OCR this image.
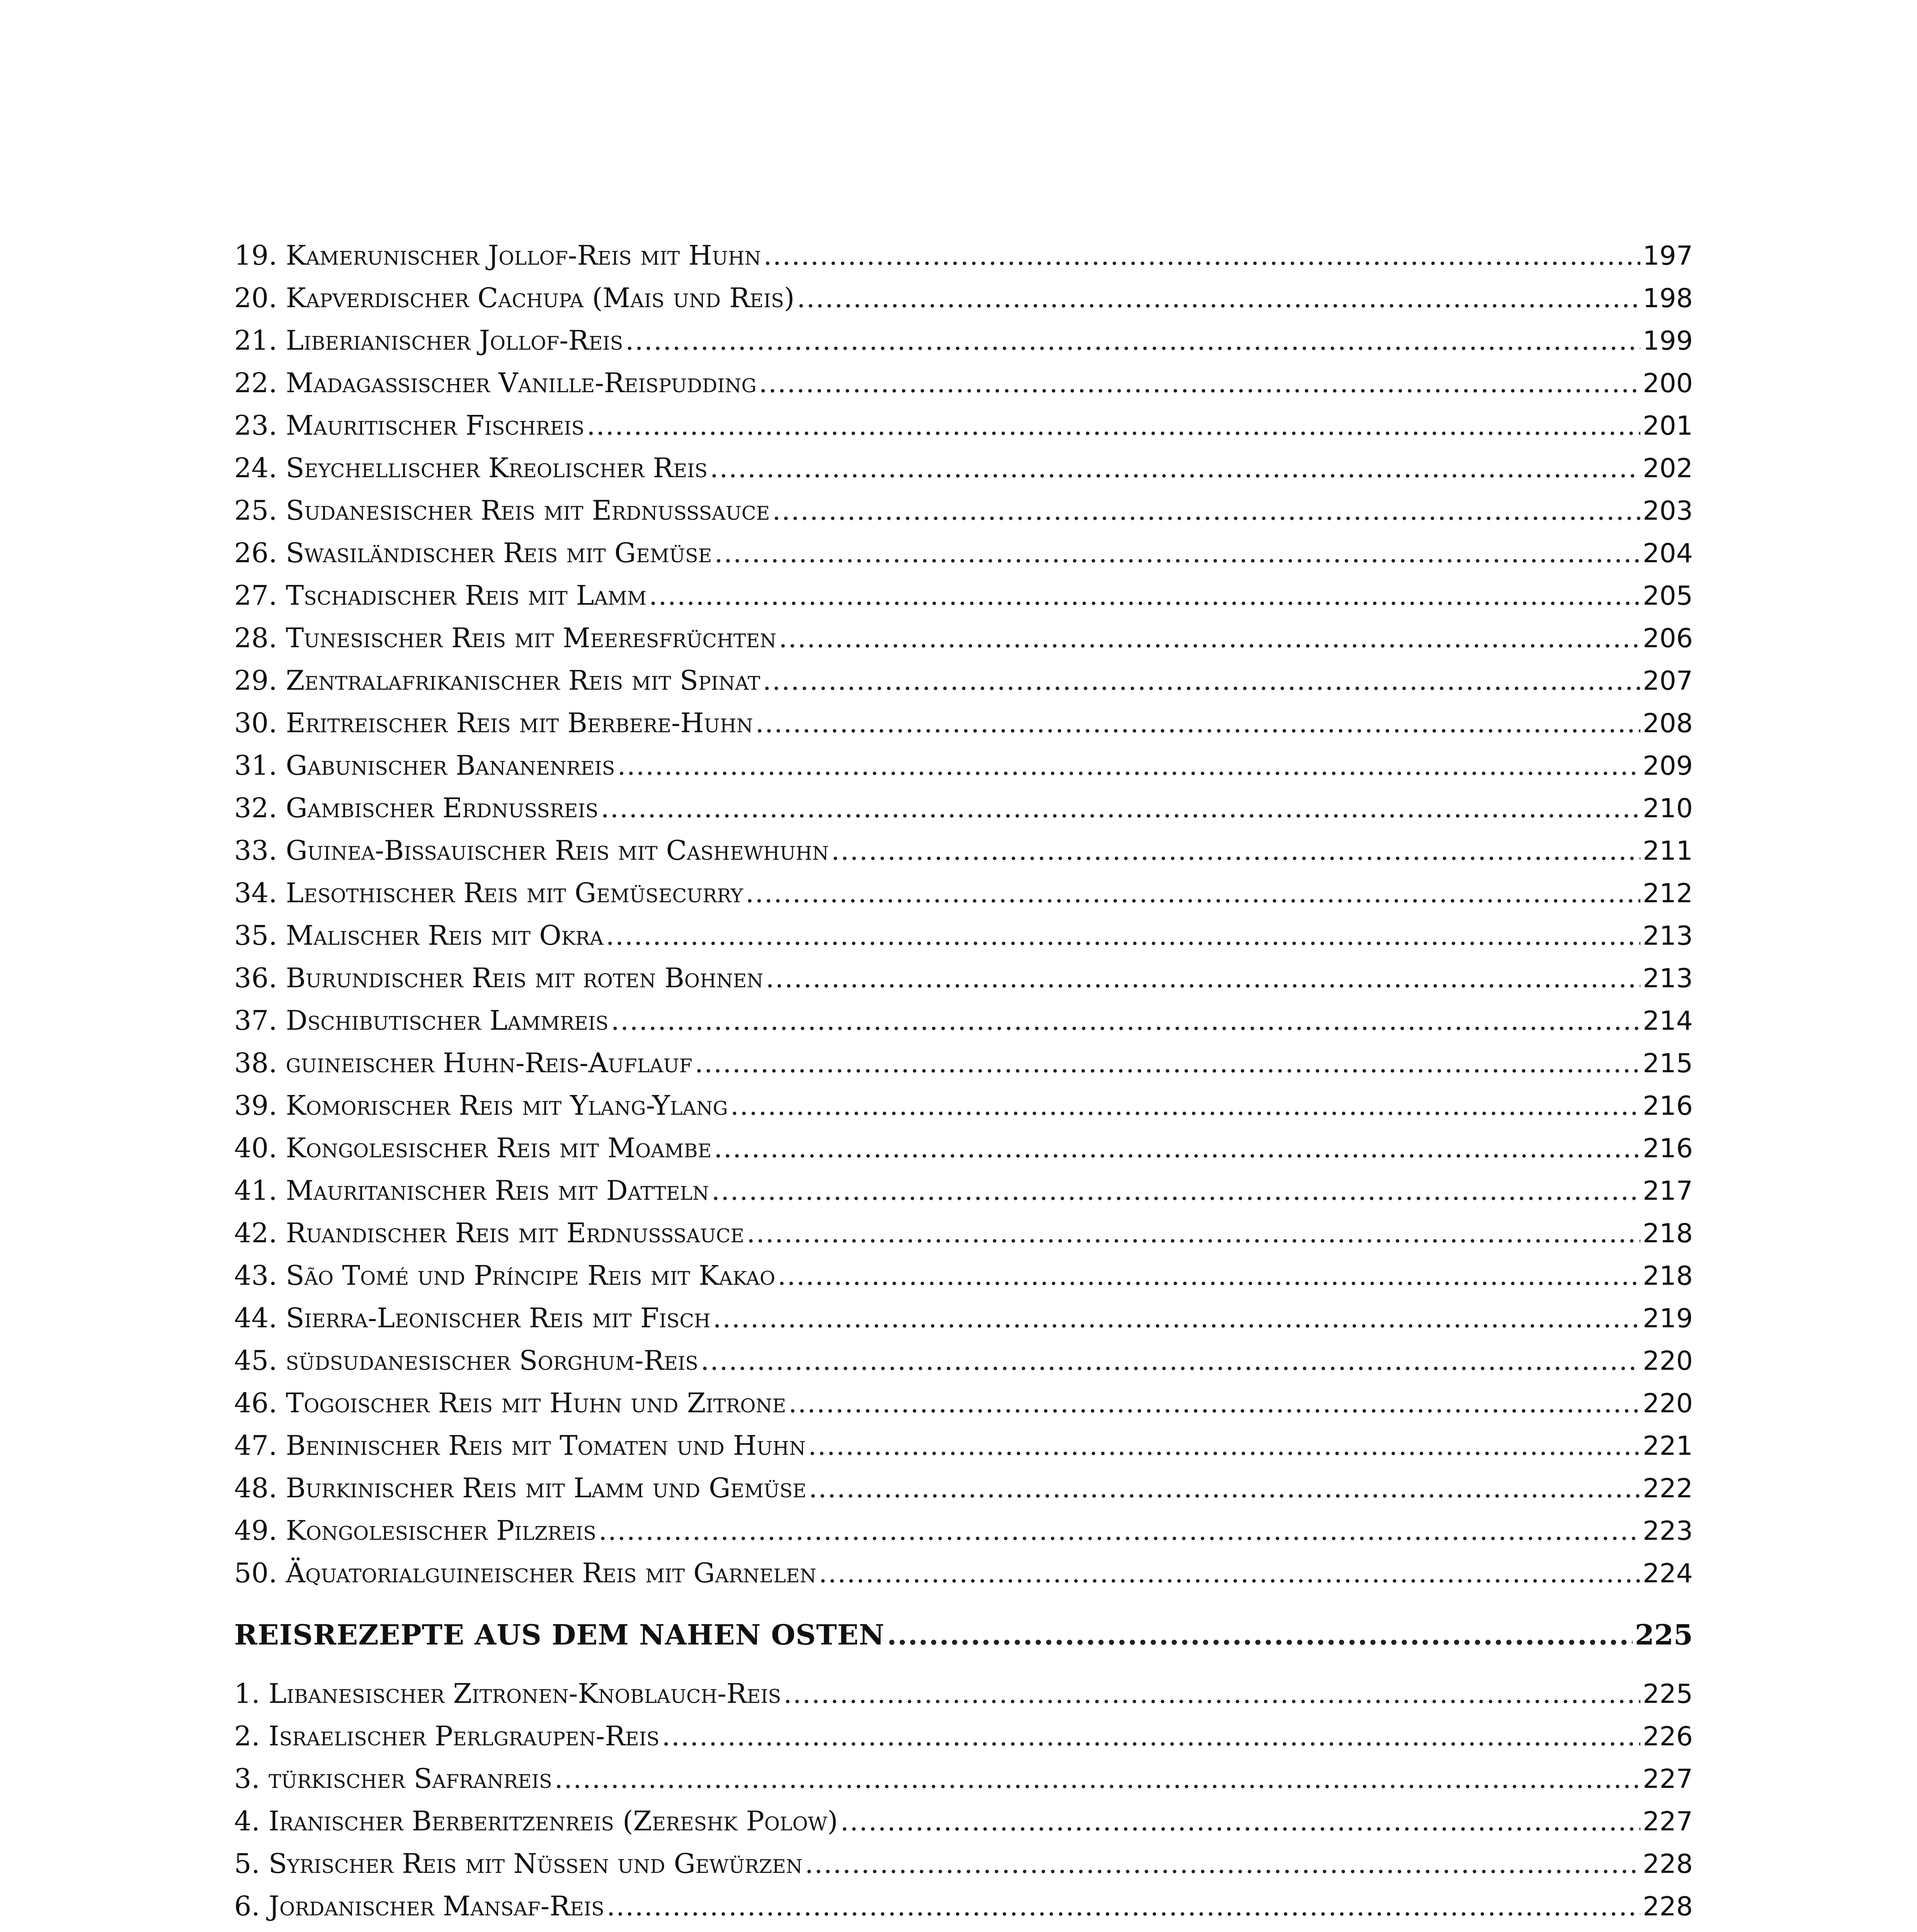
19. Kamerunischer Jollof-Reis mit Huhn .....	197
20. Kapverdischer Cachupa (Mais und Reis) .....	198
21. Liberianischer Jollof-Reis .....	199
22. Madagassischer Vanille-Reispudding .....	200
23. Mauritischer Fischreis .....	201
24. Seychellischer Kreolischer Reis .....	202
25. Sudanesischer Reis mit Erdnusssauce .....	203
26. Swasiländischer Reis mit Gemüse .....	204
27. Tschadischer Reis mit Lamm .....	205
28. Tunesischer Reis mit Meeresfrüchten .....	206
29. Zentralafrikanischer Reis mit Spinat .....	207
30. Eritreischer Reis mit Berbere-Huhn .....	208
31. Gabunischer Bananenreis .....	209
32. Gambischer Erdnussreis .....	210
33. Guinea-Bissauischer Reis mit Cashewhuhn .....	211
34. Lesothischer Reis mit Gemüsecurry .....	212
35. Malischer Reis mit Okra .....	213
36. Burundischer Reis mit roten Bohnen .....	213
37. Dschibutischer Lammreis .....	214
38. guineischer Huhn-Reis-Auflauf .....	215
39. Komorischer Reis mit Ylang-Ylang .....	216
40. Kongolesischer Reis mit Moambe .....	216
41. Mauritanischer Reis mit Datteln .....	217
42. Ruandischer Reis mit Erdnusssauce .....	218
43. São Tomé und Príncipe Reis mit Kakao .....	218
44. Sierra-Leonischer Reis mit Fisch .....	219
45. südsudanesischer Sorghum-Reis .....	220
46. Togoischer Reis mit Huhn und Zitrone .....	220
47. Beninischer Reis mit Tomaten und Huhn .....	221
48. Burkinischer Reis mit Lamm und Gemüse .....	222
49. Kongolesischer Pilzreis .....	223
50. Äquatorialguineischer Reis mit Garnelen .....	224
REISREZEPTE AUS DEM NAHEN OSTEN .....	225
1. Libanesischer Zitronen-Knoblauch-Reis .....	225
2. Israelischer Perlgraupen-Reis .....	226
3. türkischer Safranreis .....	227
4. Iranischer Berberitzenreis (Zereshk Polow) .....	227
5. Syrischer Reis mit Nüssen und Gewürzen .....	228
6. Jordanischer Mansaf-Reis .....	228
.....
